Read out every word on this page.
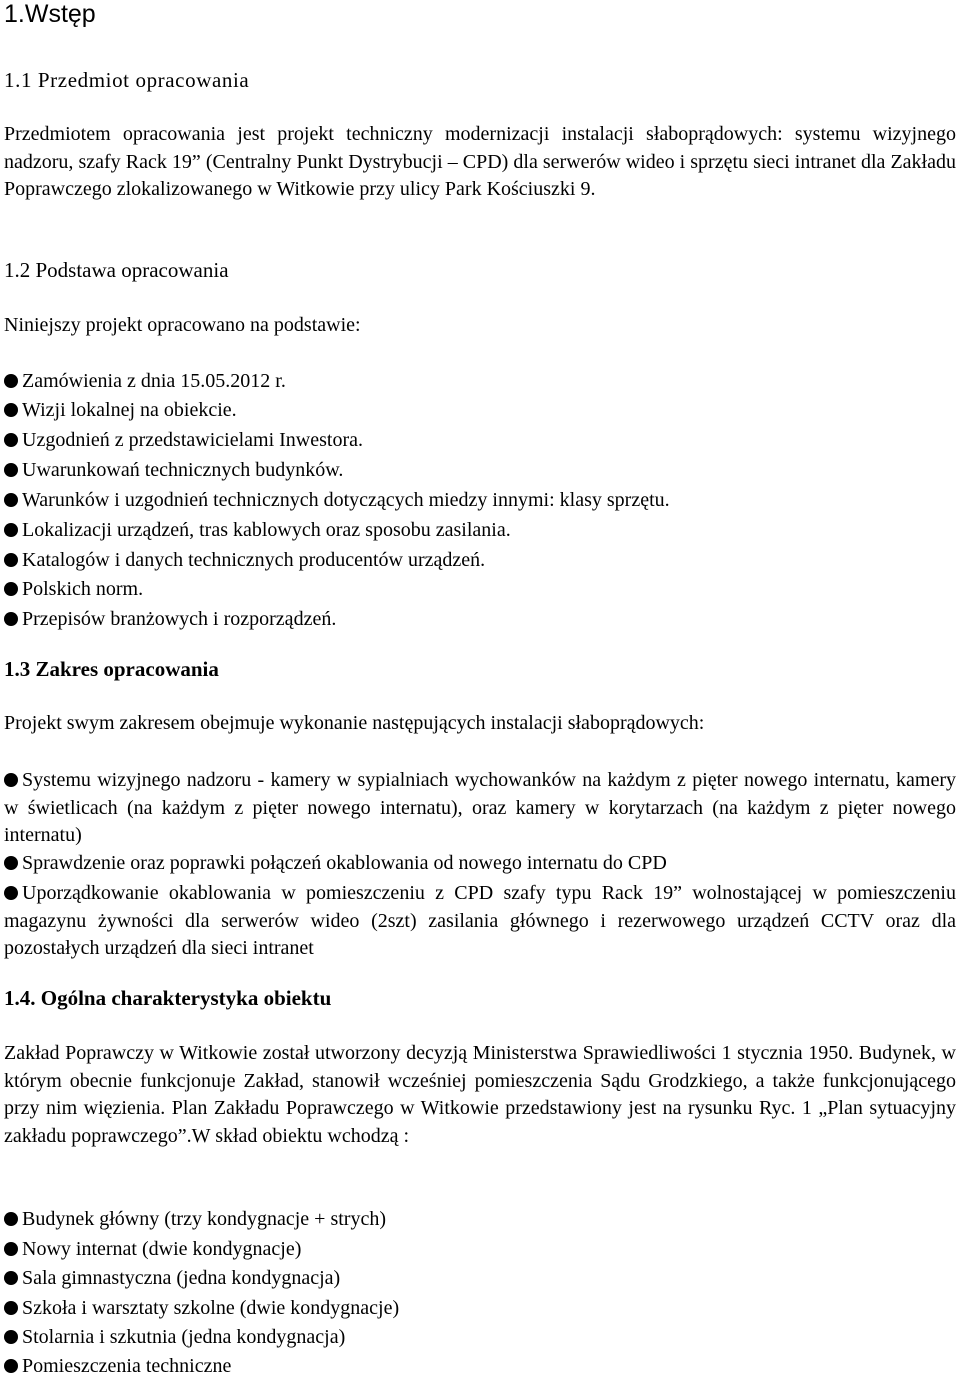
1.Wstęp
1.1 Przedmiot opracowania
Przedmiotem opracowania jest projekt techniczny modernizacji instalacji słaboprądowych: systemu wizyjnego nadzoru, szafy Rack 19” (Centralny Punkt Dystrybucji – CPD) dla serwerów wideo i sprzętu sieci intranet dla Zakładu Poprawczego zlokalizowanego w Witkowie przy ulicy Park Kościuszki 9.
1.2 Podstawa opracowania
Niniejszy projekt opracowano na podstawie:
Zamówienia z dnia 15.05.2012 r.
Wizji lokalnej na obiekcie.
Uzgodnień z przedstawicielami Inwestora.
Uwarunkowań technicznych budynków.
Warunków i uzgodnień technicznych dotyczących miedzy innymi: klasy sprzętu.
Lokalizacji urządzeń, tras kablowych oraz sposobu zasilania.
Katalogów i danych technicznych producentów urządzeń.
Polskich norm.
Przepisów branżowych i rozporządzeń.
1.3 Zakres opracowania
Projekt swym zakresem obejmuje wykonanie następujących instalacji słaboprądowych:
Systemu wizyjnego nadzoru - kamery w sypialniach wychowanków na każdym z pięter nowego internatu, kamery w świetlicach (na każdym z pięter nowego internatu), oraz kamery w korytarzach (na każdym z pięter nowego internatu)
Sprawdzenie oraz poprawki połączeń okablowania od nowego internatu do CPD
Uporządkowanie okablowania w pomieszczeniu z CPD szafy typu Rack 19” wolnostającej w pomieszczeniu magazynu żywności dla serwerów wideo (2szt) zasilania głównego i rezerwowego urządzeń CCTV oraz dla pozostałych urządzeń dla sieci intranet
1.4. Ogólna charakterystyka obiektu
Zakład Poprawczy w Witkowie został utworzony decyzją Ministerstwa Sprawiedliwości 1 stycznia 1950. Budynek, w którym obecnie funkcjonuje Zakład, stanowił wcześniej pomieszczenia Sądu Grodzkiego, a także funkcjonującego przy nim więzienia. Plan Zakładu Poprawczego w Witkowie przedstawiony jest na rysunku Ryc. 1 „Plan sytuacyjny zakładu poprawczego”.W skład obiektu wchodzą :
Budynek główny (trzy kondygnacje + strych)
Nowy internat (dwie kondygnacje)
Sala gimnastyczna (jedna kondygnacja)
Szkoła i warsztaty szkolne (dwie kondygnacje)
Stolarnia i szkutnia (jedna kondygnacja)
Pomieszczenia techniczne
